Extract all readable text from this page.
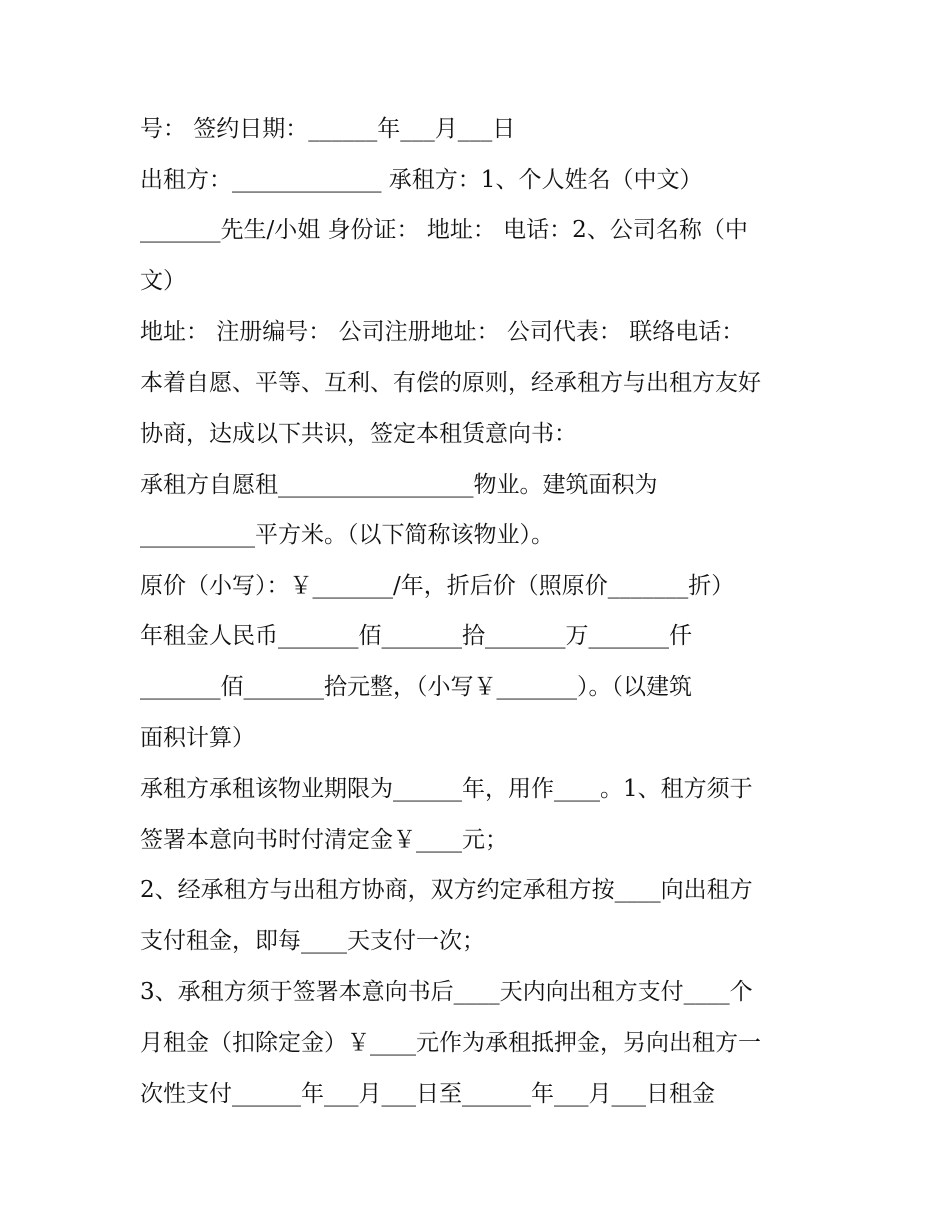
号： 签约日期：______年___月___日
出租方：_____________ 承租方：1、个人姓名（中文）
_______先生/小姐 身份证： 地址： 电话：2、公司名称（中
文）
地址： 注册编号： 公司注册地址： 公司代表： 联络电话：
本着自愿、平等、互利、有偿的原则，经承租方与出租方友好
协商，达成以下共识，签定本租赁意向书：
承租方自愿租_________________物业。建筑面积为
__________平方米。（以下简称该物业）。
原价（小写）：￥_______/年，折后价（照原价_______折）
年租金人民币_______佰_______拾_______万_______仟
_______佰_______拾元整，（小写￥_______）。（以建筑
面积计算）
承租方承租该物业期限为______年，用作____。1、租方须于
签署本意向书时付清定金￥____元；
2、经承租方与出租方协商，双方约定承租方按____向出租方
支付租金，即每____天支付一次；
3、承租方须于签署本意向书后____天内向出租方支付____个
月租金（扣除定金）￥____元作为承租抵押金，另向出租方一
次性支付______年___月___日至______年___月___日租金
